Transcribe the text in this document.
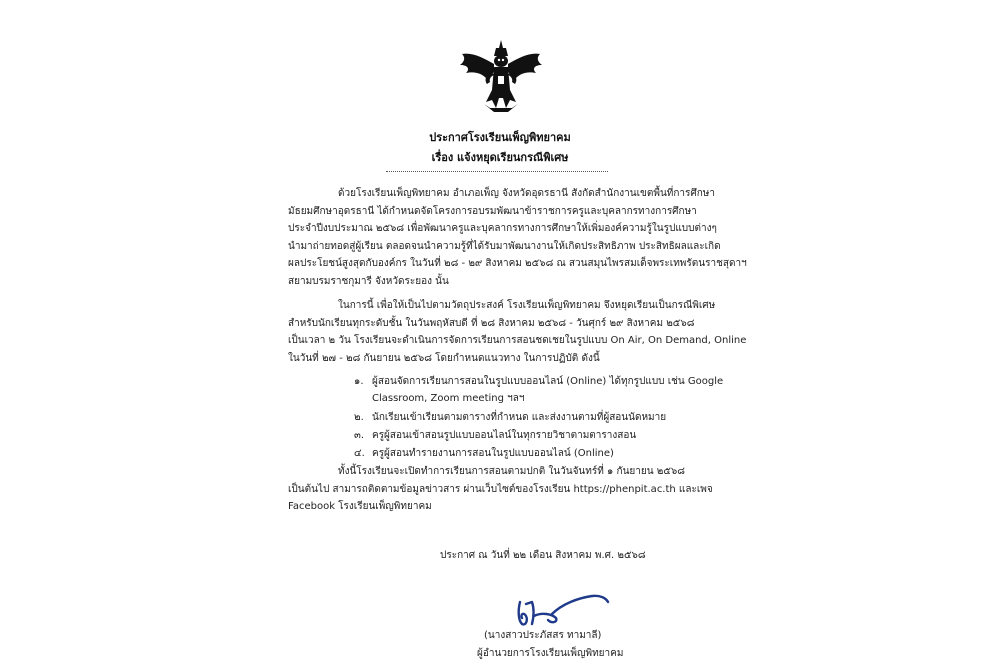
ประกาศโรงเรียนเพ็ญพิทยาคม
เรื่อง แจ้งหยุดเรียนกรณีพิเศษ
ด้วยโรงเรียนเพ็ญพิทยาคม อำเภอเพ็ญ จังหวัดอุดรธานี สังกัดสำนักงานเขตพื้นที่การศึกษา
มัธยมศึกษาอุดรธานี ได้กำหนดจัดโครงการอบรมพัฒนาข้าราชการครูและบุคลากรทางการศึกษา
ประจำปีงบประมาณ ๒๕๖๘ เพื่อพัฒนาครูและบุคลากรทางการศึกษาให้เพิ่มองค์ความรู้ในรูปแบบต่างๆ
นำมาถ่ายทอดสู่ผู้เรียน ตลอดจนนำความรู้ที่ได้รับมาพัฒนางานให้เกิดประสิทธิภาพ ประสิทธิผลและเกิด
ผลประโยชน์สูงสุดกับองค์กร ในวันที่ ๒๘ - ๒๙ สิงหาคม ๒๕๖๘ ณ สวนสมุนไพรสมเด็จพระเทพรัตนราชสุดาฯ
สยามบรมราชกุมารี จังหวัดระยอง นั้น
ในการนี้ เพื่อให้เป็นไปตามวัตถุประสงค์ โรงเรียนเพ็ญพิทยาคม จึงหยุดเรียนเป็นกรณีพิเศษ
สำหรับนักเรียนทุกระดับชั้น ในวันพฤหัสบดี ที่ ๒๘ สิงหาคม ๒๕๖๘ - วันศุกร์ ๒๙ สิงหาคม ๒๕๖๘
เป็นเวลา ๒ วัน โรงเรียนจะดำเนินการจัดการเรียนการสอนชดเชยในรูปแบบ On Air, On Demand, Online
ในวันที่ ๒๗ - ๒๘ กันยายน ๒๕๖๘ โดยกำหนดแนวทาง ในการปฏิบัติ ดังนี้
๑. ผู้สอนจัดการเรียนการสอนในรูปแบบออนไลน์ (Online) ได้ทุกรูปแบบ เช่น Google
Classroom, Zoom meeting ฯลฯ
๒. นักเรียนเข้าเรียนตามตารางที่กำหนด และส่งงานตามที่ผู้สอนนัดหมาย
๓. ครูผู้สอนเข้าสอนรูปแบบออนไลน์ในทุกรายวิชาตามตารางสอน
๔. ครูผู้สอนทำรายงานการสอนในรูปแบบออนไลน์ (Online)
ทั้งนี้โรงเรียนจะเปิดทำการเรียนการสอนตามปกติ ในวันจันทร์ที่ ๑ กันยายน ๒๕๖๘
เป็นต้นไป สามารถติดตามข้อมูลข่าวสาร ผ่านเว็บไซต์ของโรงเรียน https://phenpit.ac.th และเพจ
Facebook โรงเรียนเพ็ญพิทยาคม
ประกาศ ณ วันที่ ๒๒ เดือน สิงหาคม พ.ศ. ๒๕๖๘
(นางสาวประภัสสร ทามาลี)
ผู้อำนวยการโรงเรียนเพ็ญพิทยาคม
